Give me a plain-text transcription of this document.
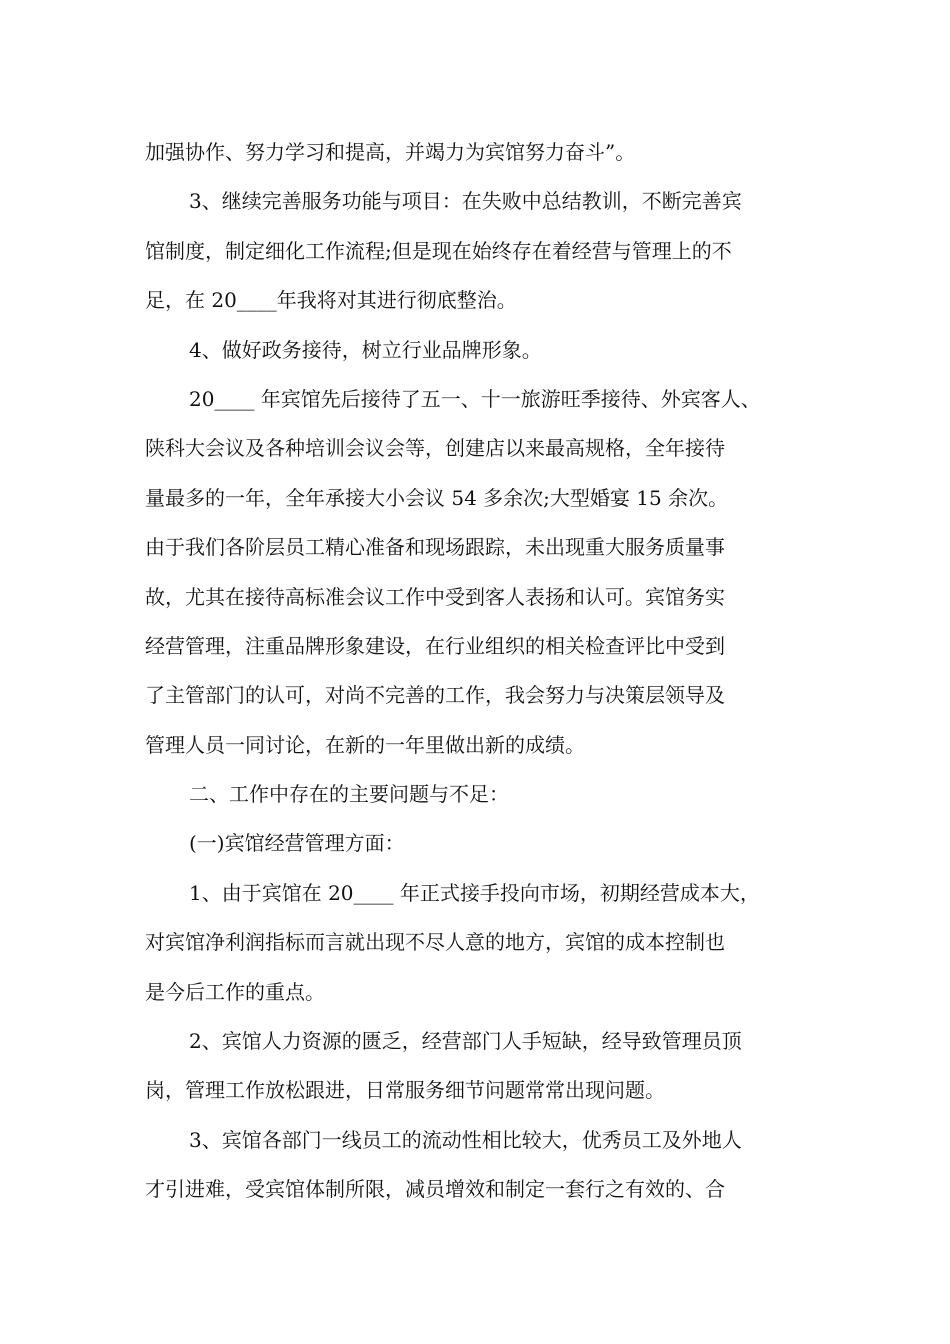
加强协作、努力学习和提高，并竭力为宾馆努力奋斗”。
3、继续完善服务功能与项目：在失败中总结教训，不断完善宾
馆制度，制定细化工作流程;但是现在始终存在着经营与管理上的不
足，在 20____年我将对其进行彻底整治。
4、做好政务接待，树立行业品牌形象。
20____ 年宾馆先后接待了五一、十一旅游旺季接待、外宾客人、
陕科大会议及各种培训会议会等，创建店以来最高规格，全年接待
量最多的一年，全年承接大小会议 54 多余次;大型婚宴 15 余次。
由于我们各阶层员工精心准备和现场跟踪，未出现重大服务质量事
故，尤其在接待高标准会议工作中受到客人表扬和认可。宾馆务实
经营管理，注重品牌形象建设，在行业组织的相关检查评比中受到
了主管部门的认可，对尚不完善的工作，我会努力与决策层领导及
管理人员一同讨论，在新的一年里做出新的成绩。
二、工作中存在的主要问题与不足：
(一)宾馆经营管理方面：
1、由于宾馆在 20____ 年正式接手投向市场，初期经营成本大，
对宾馆净利润指标而言就出现不尽人意的地方，宾馆的成本控制也
是今后工作的重点。
2、宾馆人力资源的匮乏，经营部门人手短缺，经导致管理员顶
岗，管理工作放松跟进，日常服务细节问题常常出现问题。
3、宾馆各部门一线员工的流动性相比较大，优秀员工及外地人
才引进难，受宾馆体制所限，减员增效和制定一套行之有效的、合
